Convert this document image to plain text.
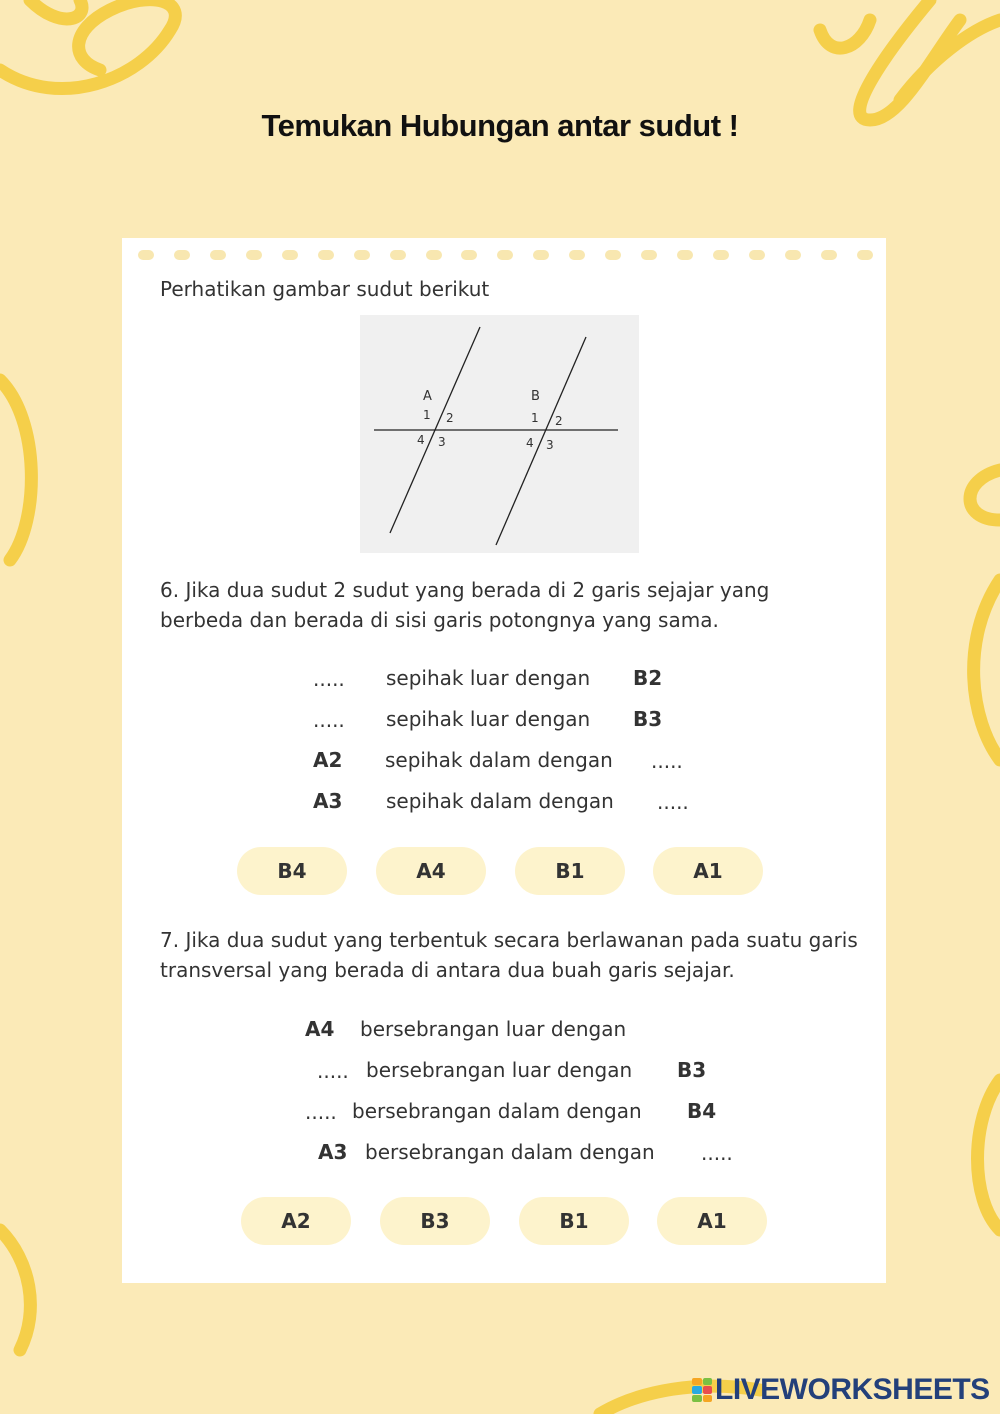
Temukan Hubungan antar sudut !
Perhatikan gambar sudut berikut
A	B
1 2
4 3
1 2
4 3
6. Jika dua sudut 2 sudut yang berada di 2 garis sejajar yang berbeda dan berada di sisi garis potongnya yang sama.
..... sepihak luar dengan B2
..... sepihak luar dengan B3
A2 sepihak dalam dengan .....
A3 sepihak dalam dengan .....
B4	A4	B1	A1
7. Jika dua sudut yang terbentuk secara berlawanan pada suatu garis transversal yang berada di antara dua buah garis sejajar.
A4 bersebrangan luar dengan
..... bersebrangan luar dengan B3
..... bersebrangan dalam dengan B4
A3 bersebrangan dalam dengan .....
A2	B3	B1	A1
LIVEWORKSHEETS
